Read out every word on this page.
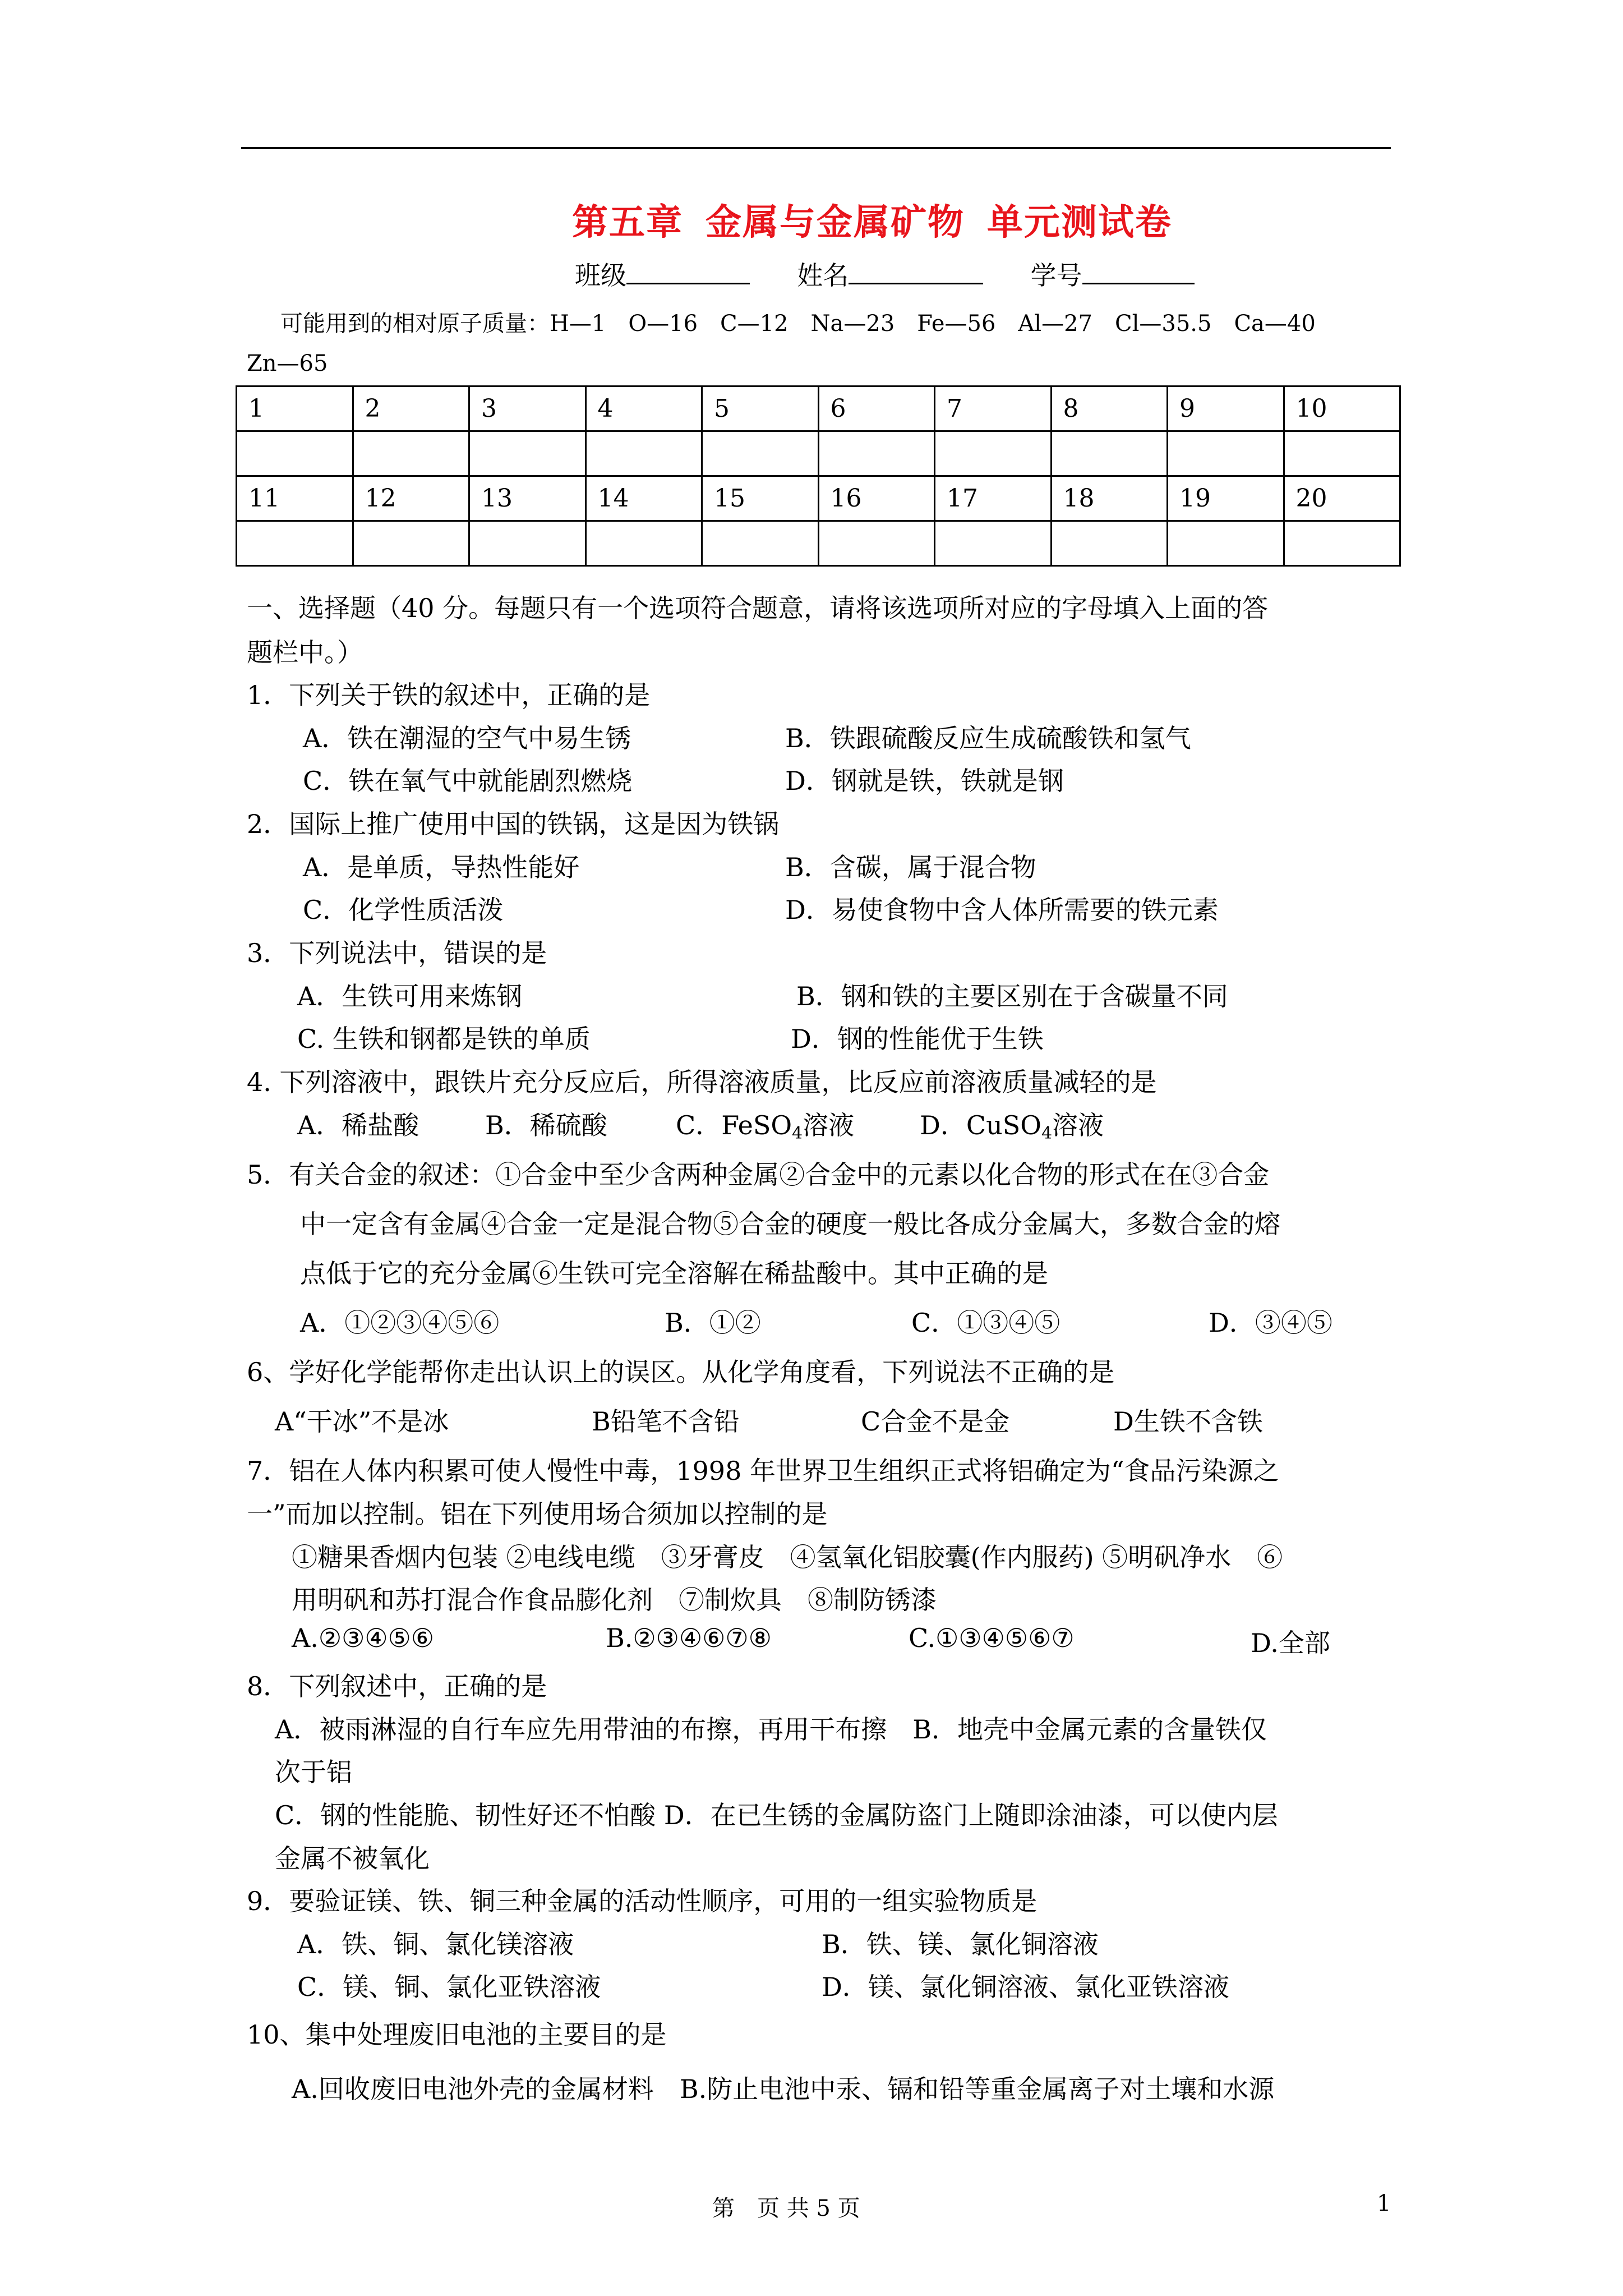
第五章 金属与金属矿物 单元测试卷
班级	姓名	学号
可能用到的相对原子质量：H—1　O—16　C—12　Na—23　Fe—56　Al—27　Cl—35.5　Ca—40
Zn—65
1	2	3	4	5	6	7	8	9	10

11	12	13	14	15	16	17	18	19	20

一、选择题（40 分。每题只有一个选项符合题意，请将该选项所对应的字母填入上面的答
题栏中。）
1．下列关于铁的叙述中，正确的是
A．铁在潮湿的空气中易生锈	B．铁跟硫酸反应生成硫酸铁和氢气
C．铁在氧气中就能剧烈燃烧	D．钢就是铁，铁就是钢
2．国际上推广使用中国的铁锅，这是因为铁锅
A．是单质，导热性能好	B．含碳，属于混合物
C．化学性质活泼	D．易使食物中含人体所需要的铁元素
3．下列说法中，错误的是
A．生铁可用来炼钢	B．钢和铁的主要区别在于含碳量不同
C. 生铁和钢都是铁的单质	D．钢的性能优于生铁
4. 下列溶液中，跟铁片充分反应后，所得溶液质量，比反应前溶液质量减轻的是
A．稀盐酸	B．稀硫酸	C．FeSO$_4$溶液	D．CuSO$_4$溶液
5．有关合金的叙述：①合金中至少含两种金属②合金中的元素以化合物的形式在在③合金
中一定含有金属④合金一定是混合物⑤合金的硬度一般比各成分金属大，多数合金的熔
点低于它的充分金属⑥生铁可完全溶解在稀盐酸中。其中正确的是
A．①②③④⑤⑥	B．①②	C．①③④⑤	D．③④⑤
6、学好化学能帮你走出认识上的误区。从化学角度看，下列说法不正确的是
A“干冰”不是冰	B铅笔不含铅	C合金不是金	D生铁不含铁
7．铝在人体内积累可使人慢性中毒，1998 年世界卫生组织正式将铝确定为“食品污染源之
一”而加以控制。铝在下列使用场合须加以控制的是
①糖果香烟内包装 ②电线电缆　③牙膏皮　④氢氧化铝胶囊(作内服药) ⑤明矾净水　⑥
用明矾和苏打混合作食品膨化剂　⑦制炊具　⑧制防锈漆
A.②③④⑤⑥	B.②③④⑥⑦⑧	C.①③④⑤⑥⑦	D.全部
8．下列叙述中，正确的是
A．被雨淋湿的自行车应先用带油的布擦，再用干布擦　B．地壳中金属元素的含量铁仅
次于铝
C．钢的性能脆、韧性好还不怕酸 D．在已生锈的金属防盗门上随即涂油漆，可以使内层
金属不被氧化
9．要验证镁、铁、铜三种金属的活动性顺序，可用的一组实验物质是
A．铁、铜、氯化镁溶液	B．铁、镁、氯化铜溶液
C．镁、铜、氯化亚铁溶液	D．镁、氯化铜溶液、氯化亚铁溶液
10、集中处理废旧电池的主要目的是
A.回收废旧电池外壳的金属材料　B.防止电池中汞、镉和铅等重金属离子对土壤和水源
第　页 共 5 页	1
